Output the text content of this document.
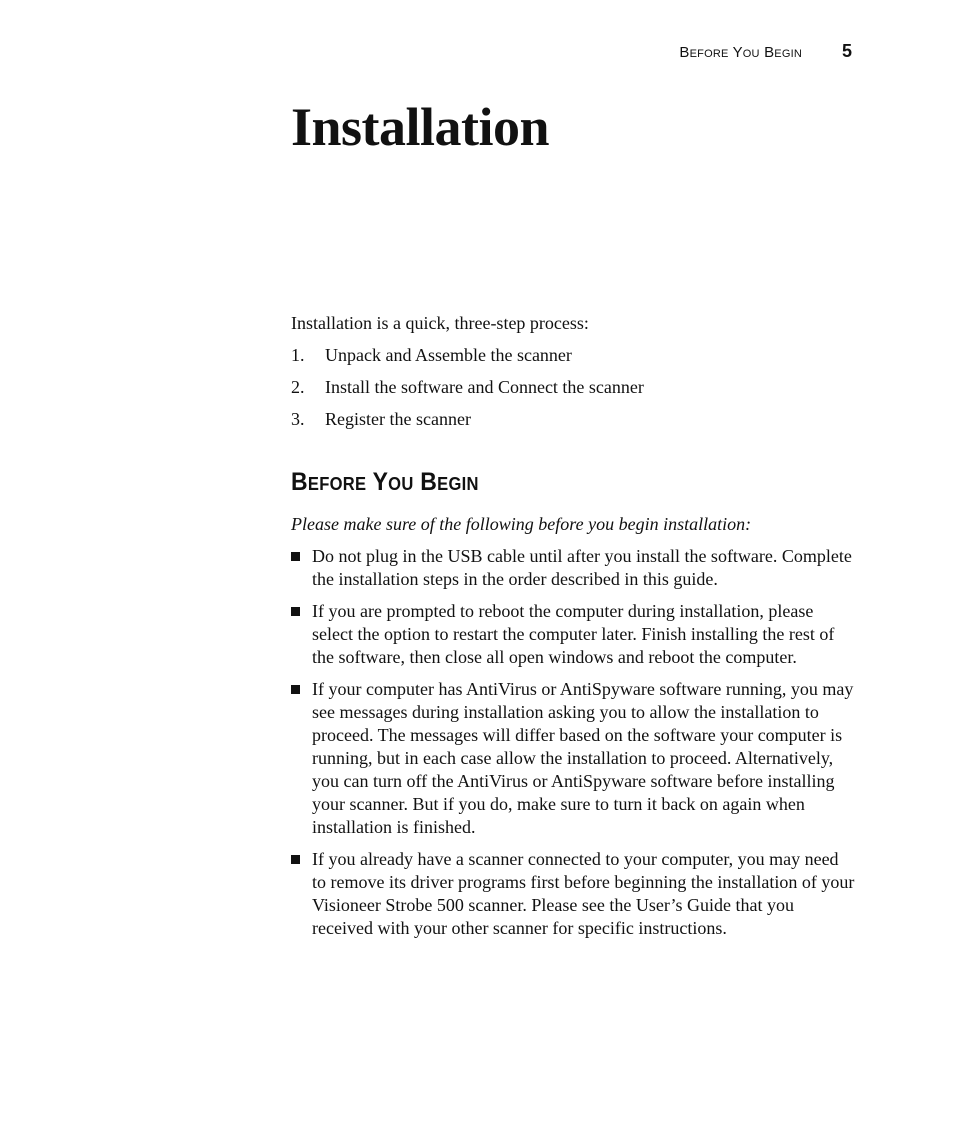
Before You Begin 5
Installation

Installation is a quick, three-step process:

1.	Unpack and Assemble the scanner
2.	Install the software and Connect the scanner
3.	Register the scanner
Before You Begin

Please make sure of the following before you begin installation:

Do not plug in the USB cable until after you install the software. Complete the installation steps in the order described in this guide.
If you are prompted to reboot the computer during installation, please select the option to restart the computer later. Finish installing the rest of the software, then close all open windows and reboot the computer.
If your computer has AntiVirus or AntiSpyware software running, you may see messages during installation asking you to allow the installation to proceed. The messages will differ based on the software your computer is running, but in each case allow the installation to proceed. Alternatively, you can turn off the AntiVirus or AntiSpyware software before installing your scanner. But if you do, make sure to turn it back on again when installation is finished.
If you already have a scanner connected to your computer, you may need to remove its driver programs first before beginning the installation of your Visioneer Strobe 500 scanner. Please see the User’s Guide that you received with your other scanner for specific instructions.
